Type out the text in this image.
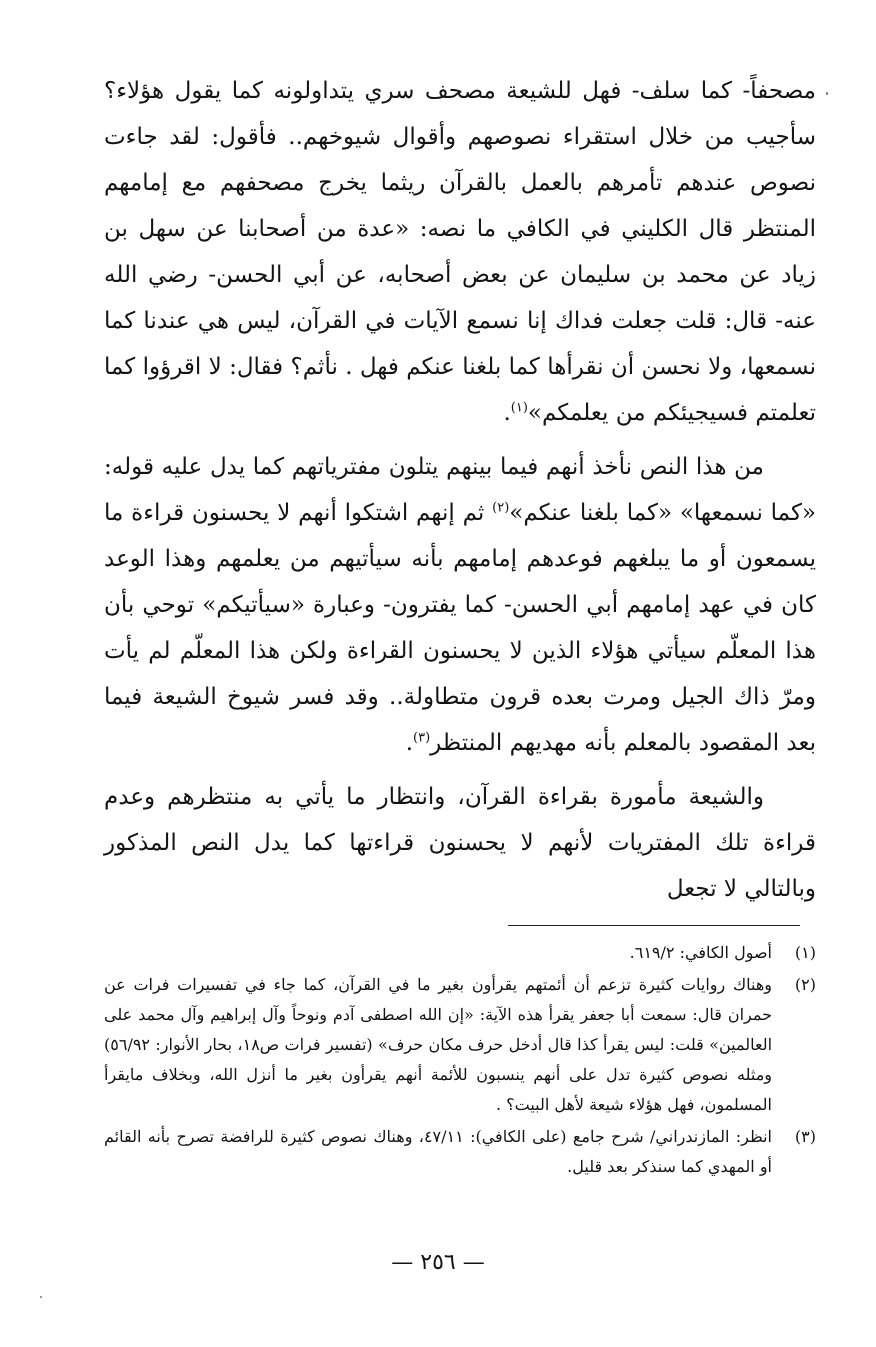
مصحفاً- كما سلف- فهل للشيعة مصحف سري يتداولونه كما يقول هؤلاء؟ سأجيب من خلال استقراء نصوصهم وأقوال شيوخهم.. فأقول: لقد جاءت نصوص عندهم تأمرهم بالعمل بالقرآن ريثما يخرج مصحفهم مع إمامهم المنتظر قال الكليني في الكافي ما نصه: «عدة من أصحابنا عن سهل بن زياد عن محمد بن سليمان عن بعض أصحابه، عن أبي الحسن- رضي الله عنه- قال: قلت جعلت فداك إنا نسمع الآيات في القرآن، ليس هي عندنا كما نسمعها، ولا نحسن أن نقرأها كما بلغنا عنكم فهل . نأثم؟ فقال: لا اقرؤوا كما تعلمتم فسيجيئكم من يعلمكم»$^{(١)}$.

من هذا النص نأخذ أنهم فيما بينهم يتلون مفترياتهم كما يدل عليه قوله: «كما نسمعها» «كما بلغنا عنكم»$^{(٢)}$ ثم إنهم اشتكوا أنهم لا يحسنون قراءة ما يسمعون أو ما يبلغهم فوعدهم إمامهم بأنه سيأتيهم من يعلمهم وهذا الوعد كان في عهد إمامهم أبي الحسن- كما يفترون- وعبارة «سيأتيكم» توحي بأن هذا المعلّم سيأتي هؤلاء الذين لا يحسنون القراءة ولكن هذا المعلّم لم يأت ومرّ ذاك الجيل ومرت بعده قرون متطاولة.. وقد فسر شيوخ الشيعة فيما بعد المقصود بالمعلم بأنه مهديهم المنتظر$^{(٣)}$.

والشيعة مأمورة بقراءة القرآن، وانتظار ما يأتي به منتظرهم وعدم قراءة تلك المفتريات لأنهم لا يحسنون قراءتها كما يدل النص المذكور وبالتالي لا تجعل

(١)
أصول الكافي: ٦١٩/٢.
(٢)
وهناك روايات كثيرة تزعم أن أئمتهم يقرأون بغير ما في القرآن، كما جاء في تفسيرات فرات عن حمران قال: سمعت أبا جعفر يقرأ هذه الآية: «إن الله اصطفى آدم ونوحاً وآل إبراهيم وآل محمد على العالمين» قلت: ليس يقرأ كذا قال أدخل حرف مكان حرف» (تفسير فرات ص١٨، بحار الأنوار: ٥٦/٩٢) ومثله نصوص كثيرة تدل على أنهم ينسبون للأئمة أنهم يقرأون بغير ما أنزل الله، وبخلاف مايقرأ المسلمون، فهل هؤلاء شيعة لأهل البيت؟ .
(٣)
انظر: المازندراني/ شرح جامع (على الكافي): ٤٧/١١، وهناك نصوص كثيرة للرافضة تصرح بأنه القائم أو المهدي كما سنذكر بعد قليل.
— ٢٥٦ —
